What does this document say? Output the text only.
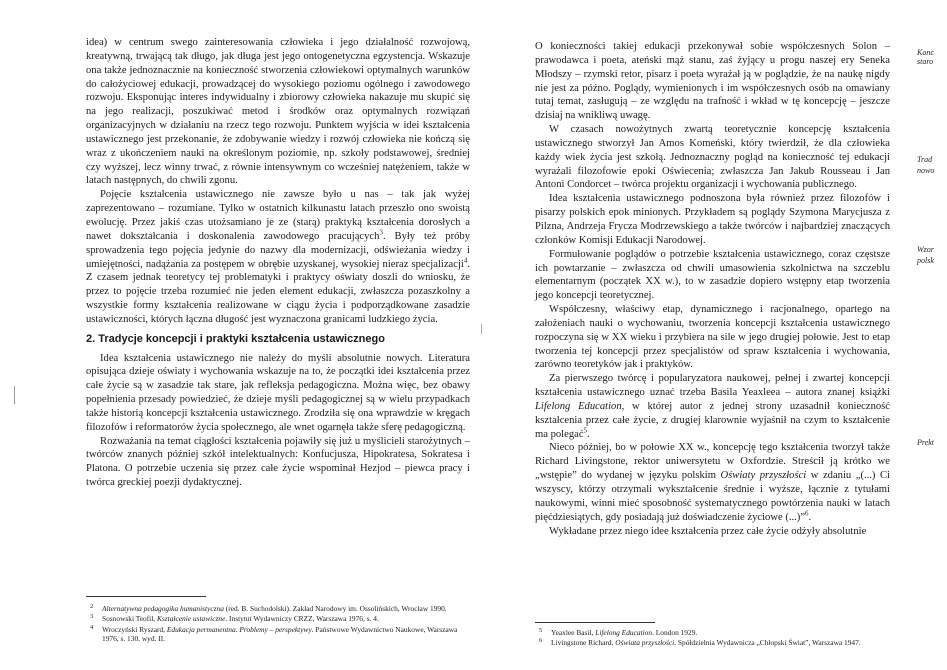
idea) w centrum swego zainteresowania człowieka i jego działalność rozwojową, kreatywną, trwającą tak długo, jak długa jest jego ontogenetyczna egzystencja. Wskazuje ona także jednoznacznie na konieczność stworzenia człowiekowi optymalnych warunków do całożyciowej edukacji, prowadzącej do wysokiego poziomu ogólnego i zawodowego rozwoju. Eksponując interes indywidualny i zbiorowy człowieka nakazuje mu skupić się na jego realizacji, poszukiwać metod i środków oraz optymalnych rozwiązań organizacyjnych w działaniu na rzecz tego rozwoju. Punktem wyjścia w idei kształcenia ustawicznego jest przekonanie, że zdobywanie wiedzy i rozwój człowieka nie kończą się wraz z ukończeniem nauki na określonym poziomie, np. szkoły podstawowej, średniej czy wyższej, lecz winny trwać, z równie intensywnym co wcześniej natężeniem, także w latach następnych, do chwili zgonu.

Pojęcie kształcenia ustawicznego nie zawsze było u nas – tak jak wyżej zaprezentowano – rozumiane. Tylko w ostatnich kilkunastu latach przeszło ono swoistą ewolucję. Przez jakiś czas utożsamiano je ze (starą) praktyką kształcenia dorosłych a nawet dokształcania i doskonalenia zawodowego pracujących$^3$. Były też próby sprowadzenia tego pojęcia jedynie do nazwy dla modernizacji, odświeżania wiedzy i umiejętności, nadążania za postępem w obrębie uzyskanej, wysokiej nieraz specjalizacji$^4$. Z czasem jednak teoretycy tej problematyki i praktycy oświaty doszli do wniosku, że przez to pojęcie trzeba rozumieć nie jeden element edukacji, zwłaszcza pozaszkolny a wszystkie formy kształcenia realizowane w ciągu życia i podporządkowane zasadzie ustawiczności, których łączna długość jest wyznaczona granicami ludzkiego życia.

2. Tradycje koncepcji i praktyki kształcenia ustawicznego

Idea kształcenia ustawicznego nie należy do myśli absolutnie nowych. Literatura opisująca dzieje oświaty i wychowania wskazuje na to, że początki idei kształcenia przez całe życie są w zasadzie tak stare, jak refleksja pedagogiczna. Można więc, bez obawy popełnienia przesady powiedzieć, że dzieje myśli pedagogicznej są w wielu przypadkach także historią koncepcji kształcenia ustawicznego. Zrodziła się ona wprawdzie w kręgach filozofów i reformatorów życia społecznego, ale wnet ogarnęła także sferę pedagogiczną.

Rozważania na temat ciągłości kształcenia pojawiły się już u myślicieli starożytnych – twórców znanych później szkół intelektualnych: Konfucjusza, Hipokratesa, Sokratesa i Platona. O potrzebie uczenia się przez całe życie wspominał Hezjod – piewca pracy i twórca greckiej poezji dydaktycznej.

2 Alternatywna pedagogika humanistyczna (red. B. Suchodolski). Zakład Narodowy im. Ossolińskich, Wrocław 1990.
3 Sosnowski Teofil, Kształcenie ustawiczne. Instytut Wydawniczy CRZZ, Warszawa 1976, s. 4.
4 Wroczyński Ryszard, Edukacja permanentna. Problemy – perspektywy. Państwowe Wydawnictwo Naukowe, Warszawa 1976, s. 130, wyd. II.

O konieczności takiej edukacji przekonywał sobie współczesnych Solon – prawodawca i poeta, ateński mąż stanu, zaś żyjący u progu naszej ery Seneka Młodszy – rzymski retor, pisarz i poeta wyrażał ją w poglądzie, że na naukę nigdy nie jest za późno. Poglądy, wymienionych i im współczesnych osób na omawiany tutaj temat, zasługują – ze względu na trafność i wkład w tę koncepcję – jeszcze dzisiaj na wnikliwą uwagę.

W czasach nowożytnych zwartą teoretycznie koncepcję kształcenia ustawicznego stworzył Jan Amos Komeński, który twierdził, że dla człowieka każdy wiek życia jest szkołą. Jednoznaczny pogląd na konieczność tej edukacji wyrażali filozofowie epoki Oświecenia; zwłaszcza Jan Jakub Rousseau i Jan Antoni Condorcet – twórca projektu organizacji i wychowania publicznego.

Idea kształcenia ustawicznego podnoszona była również przez filozofów i pisarzy polskich epok minionych. Przykładem są poglądy Szymona Marycjusza z Pilzna, Andrzeja Frycza Modrzewskiego a także twórców i najbardziej znaczących członków Komisji Edukacji Narodowej.

Formułowanie poglądów o potrzebie kształcenia ustawicznego, coraz częstsze ich powtarzanie – zwłaszcza od chwili umasowienia szkolnictwa na szczeblu elementarnym (początek XX w.), to w zasadzie dopiero wstępny etap tworzenia jego koncepcji teoretycznej.

Współczesny, właściwy etap, dynamicznego i racjonalnego, opartego na założeniach nauki o wychowaniu, tworzenia koncepcji kształcenia ustawicznego rozpoczyna się w XX wieku i przybiera na sile w jego drugiej połowie. Jest to etap tworzenia tej koncepcji przez specjalistów od spraw kształcenia i wychowania, zarówno teoretyków jak i praktyków.

Za pierwszego twórcę i popularyzatora naukowej, pełnej i zwartej koncepcji kształcenia ustawicznego uznać trzeba Basila Yeaxleea – autora znanej książki Lifelong Education, w której autor z jednej strony uzasadnił konieczność kształcenia przez całe życie, z drugiej klarownie wyjaśnił na czym to kształcenie ma polegać$^5$.

Nieco później, bo w połowie XX w., koncepcję tego kształcenia tworzył także Richard Livingstone, rektor uniwersytetu w Oxfordzie. Streścił ją krótko we „wstępie” do wydanej w języku polskim Oświaty przyszłości w zdaniu „(...) Ci wszyscy, którzy otrzymali wykształcenie średnie i wyższe, łącznie z tytułami naukowymi, winni mieć sposobność systematycznego powtórzenia nauki w latach pięćdziesiątych, gdy posiadają już doświadczenie życiowe (...)”$^6$.

Wykładane przez niego idee kształcenia przez całe życie odżyły absolutnie

Konc
staro
Trad
nowo
Wzor
polsk
Prekt
5 Yeaxlee Basil, Lifelong Education. London 1929.
6 Livingstone Richard, Oświata przyszłości. Spółdzielnia Wydawnicza „Chłopski Świat”, Warszawa 1947.
